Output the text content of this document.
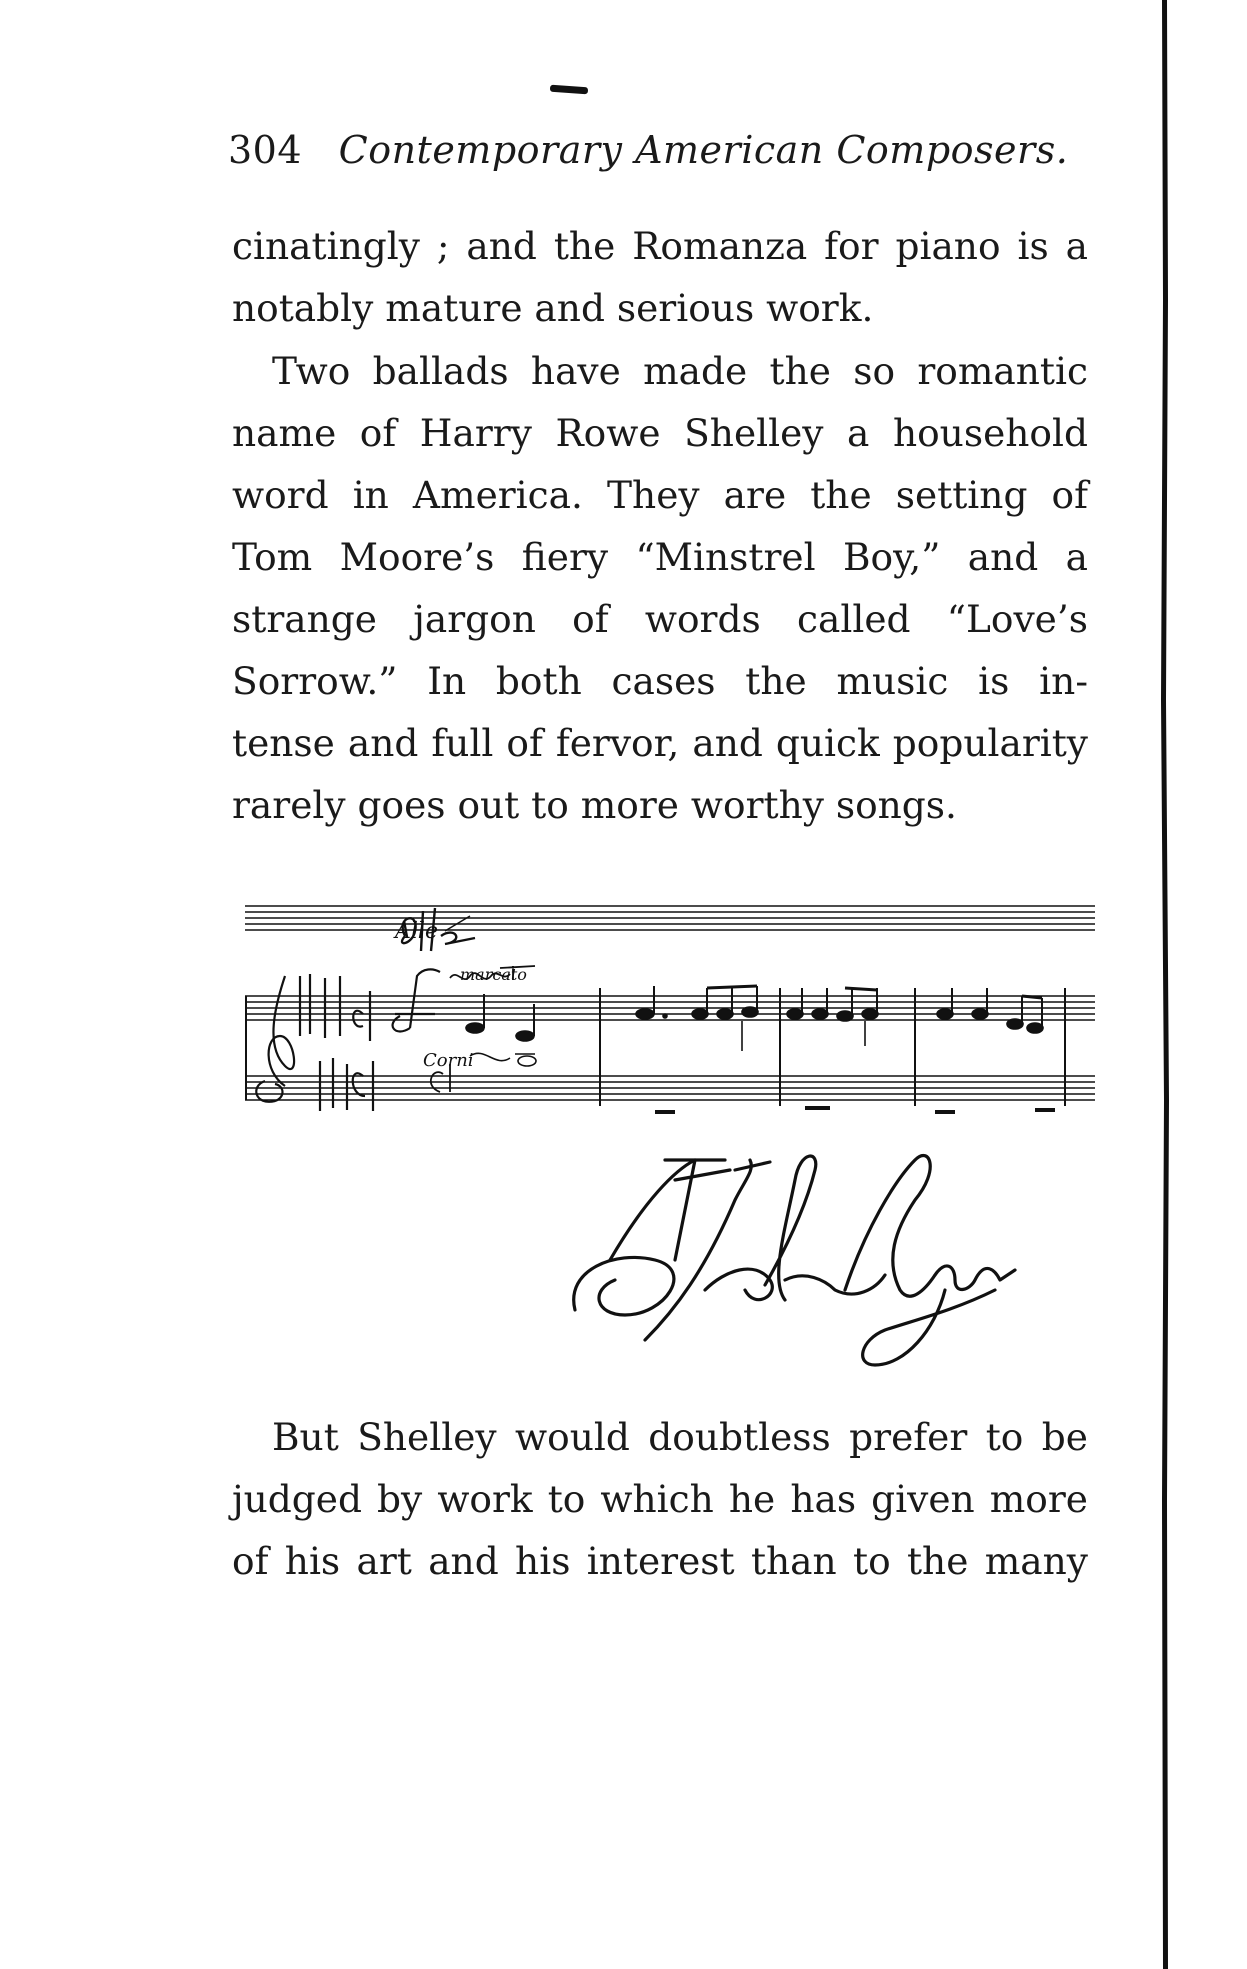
304 Contemporary American Composers.
cinatingly ; and the Romanza for piano is a
notably mature and serious work.
Two ballads have made the so romantic
name of Harry Rowe Shelley a household
word in America. They are the setting of
Tom Moore’s fiery “Minstrel Boy,” and a
strange jargon of words called “Love’s
Sorrow.” In both cases the music is in-
tense and full of fervor, and quick popularity
rarely goes out to more worthy songs.
Corni
marcato
Alle
Harry Rowe Shelley
But Shelley would doubtless prefer to be
judged by work to which he has given more
of his art and his interest than to the many
